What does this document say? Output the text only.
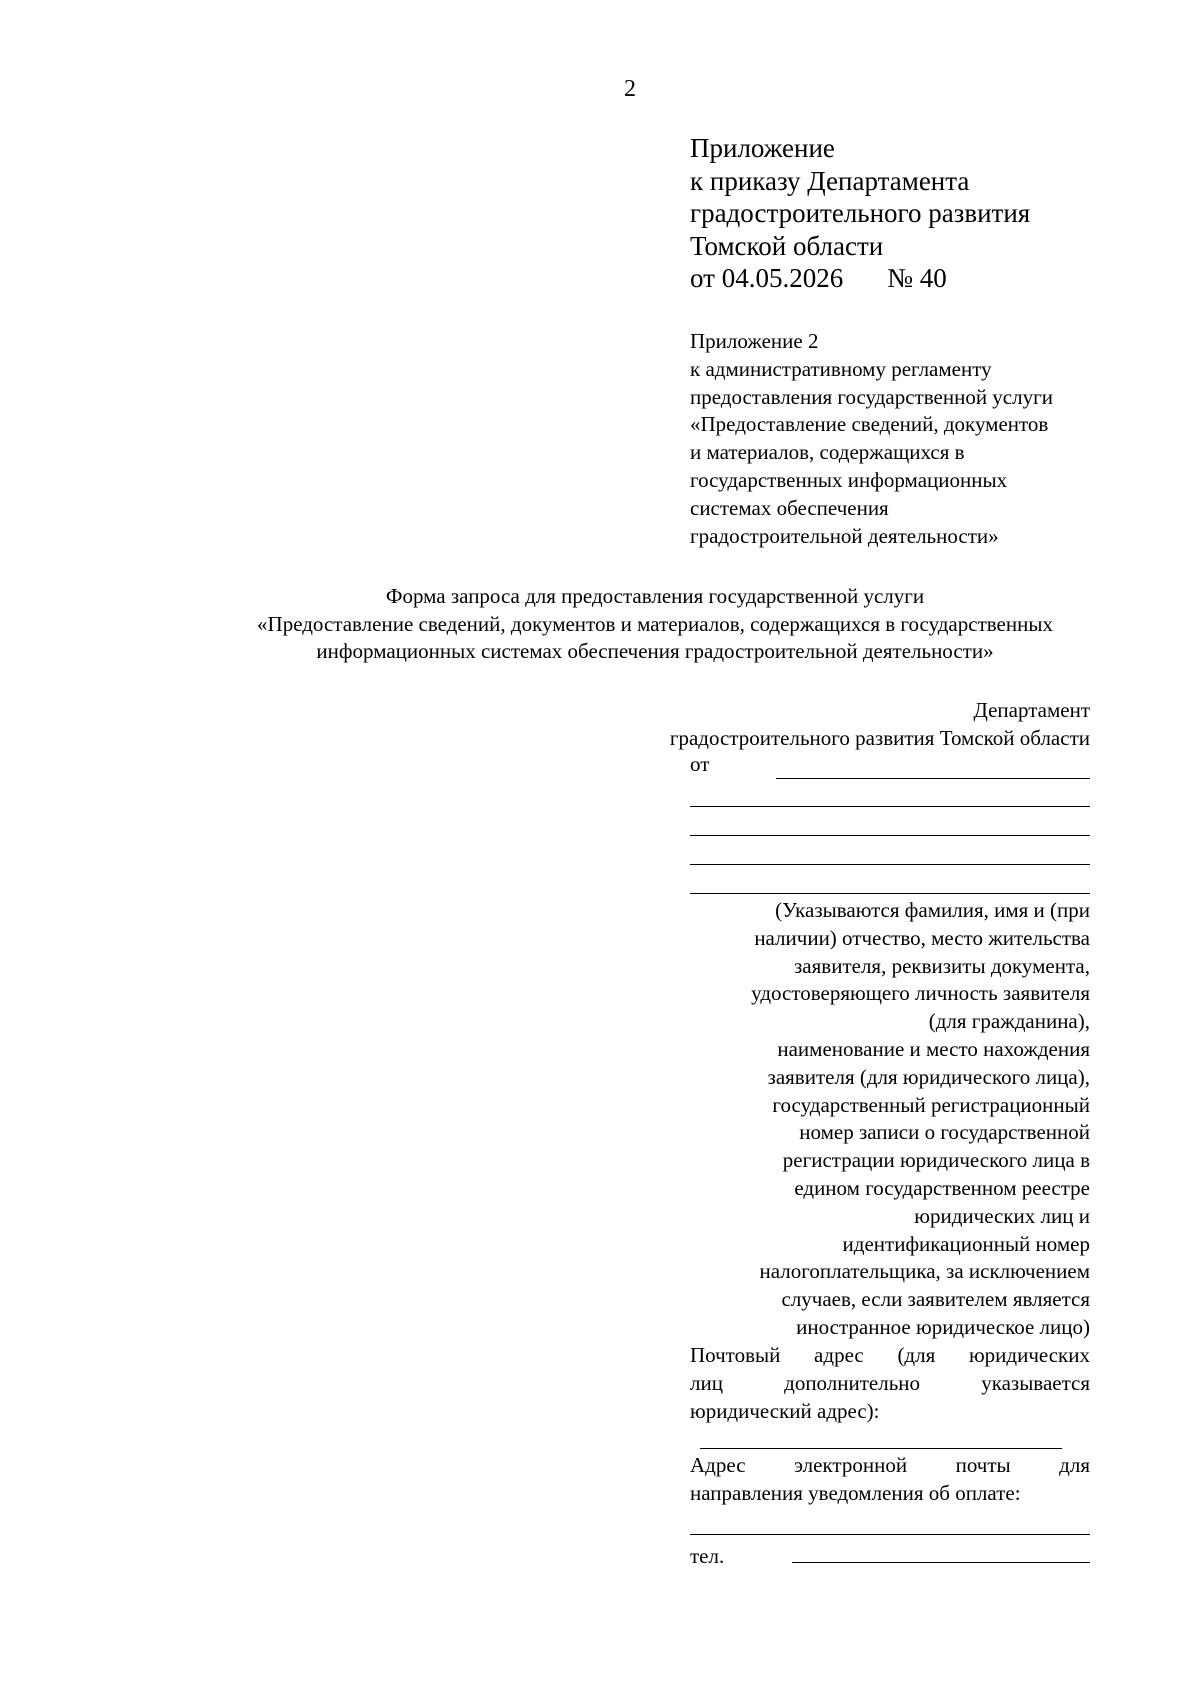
2
Приложение
к приказу Департамента
градостроительного развития
Томской области
от 04.05.2026 № 40
Приложение 2
к административному регламенту
предоставления государственной услуги
«Предоставление сведений, документов
и материалов, содержащихся в
государственных информационных
системах обеспечения
градостроительной деятельности»
Форма запроса для предоставления государственной услуги
«Предоставление сведений, документов и материалов, содержащихся в государственных
информационных системах обеспечения градостроительной деятельности»
Департамент
градостроительного развития Томской области
от
(Указываются фамилия, имя и (при
наличии) отчество, место жительства
заявителя, реквизиты документа,
удостоверяющего личность заявителя
(для гражданина),
наименование и место нахождения
заявителя (для юридического лица),
государственный регистрационный
номер записи о государственной
регистрации юридического лица в
едином государственном реестре
юридических лиц и
идентификационный номер
налогоплательщика, за исключением
случаев, если заявителем является
иностранное юридическое лицо)
Почтовый адрес (для юридических
лиц дополнительно указывается
юридический адрес):
Адрес электронной почты для
направления уведомления об оплате:
тел.
